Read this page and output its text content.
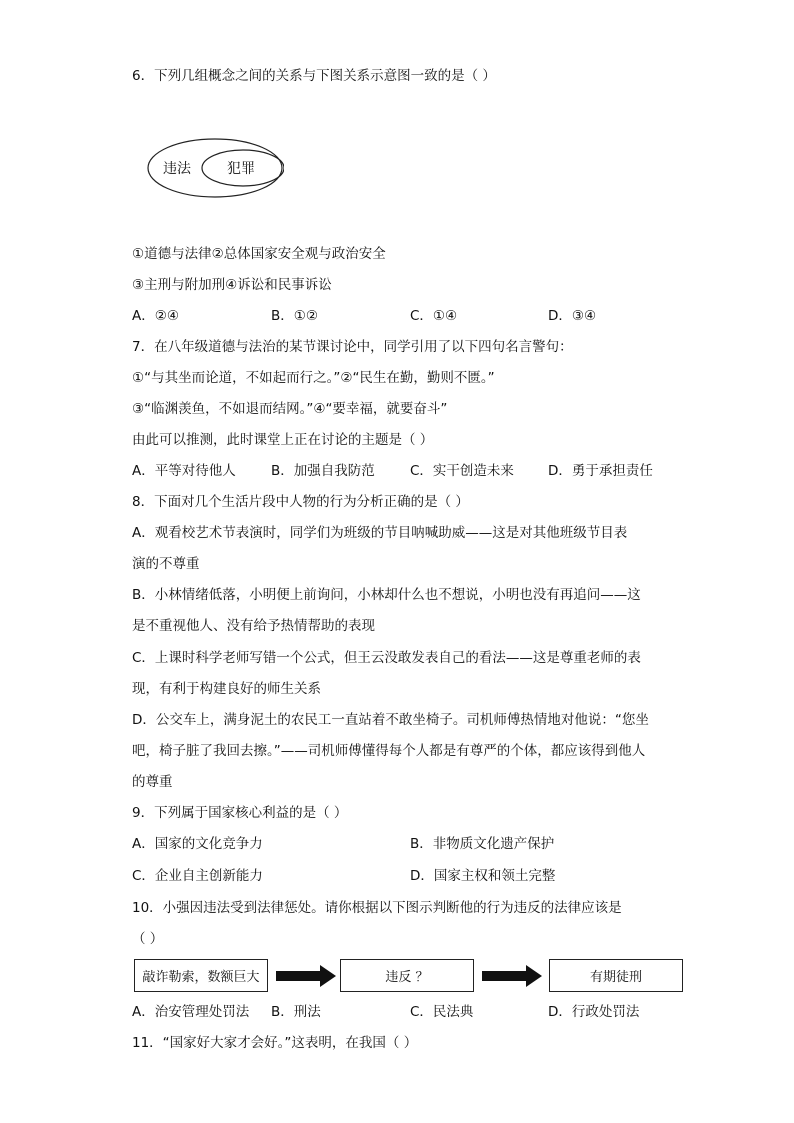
6．下列几组概念之间的关系与下图关系示意图一致的是（ ）
违法	犯罪
①道德与法律②总体国家安全观与政治安全
③主刑与附加刑④诉讼和民事诉讼
A．②④	B．①②	C．①④	D．③④
7．在八年级道德与法治的某节课讨论中，同学引用了以下四句名言警句：
①“与其坐而论道，不如起而行之。”②“民生在勤，勤则不匮。”
③“临渊羡鱼，不如退而结网。”④“要幸福，就要奋斗”
由此可以推测，此时课堂上正在讨论的主题是（ ）
A．平等对待他人	B．加强自我防范	C．实干创造未来	D．勇于承担责任
8．下面对几个生活片段中人物的行为分析正确的是（ ）
A．观看校艺术节表演时，同学们为班级的节目呐喊助威——这是对其他班级节目表
演的不尊重
B．小林情绪低落，小明便上前询问，小林却什么也不想说，小明也没有再追问——这
是不重视他人、没有给予热情帮助的表现
C．上课时科学老师写错一个公式，但王云没敢发表自己的看法——这是尊重老师的表
现，有利于构建良好的师生关系
D．公交车上，满身泥土的农民工一直站着不敢坐椅子。司机师傅热情地对他说：“您坐
吧，椅子脏了我回去擦。”——司机师傅懂得每个人都是有尊严的个体，都应该得到他人
的尊重
9．下列属于国家核心利益的是（ ）
A．国家的文化竞争力	B．非物质文化遗产保护
C．企业自主创新能力	D．国家主权和领土完整
10．小强因违法受到法律惩处。请你根据以下图示判断他的行为违反的法律应该是
（ ）
敲诈勒索，数额巨大	违反 ？	有期徒刑
A．治安管理处罚法 B．刑法	C．民法典	D．行政处罚法
11．“国家好大家才会好。”这表明，在我国（ ）
